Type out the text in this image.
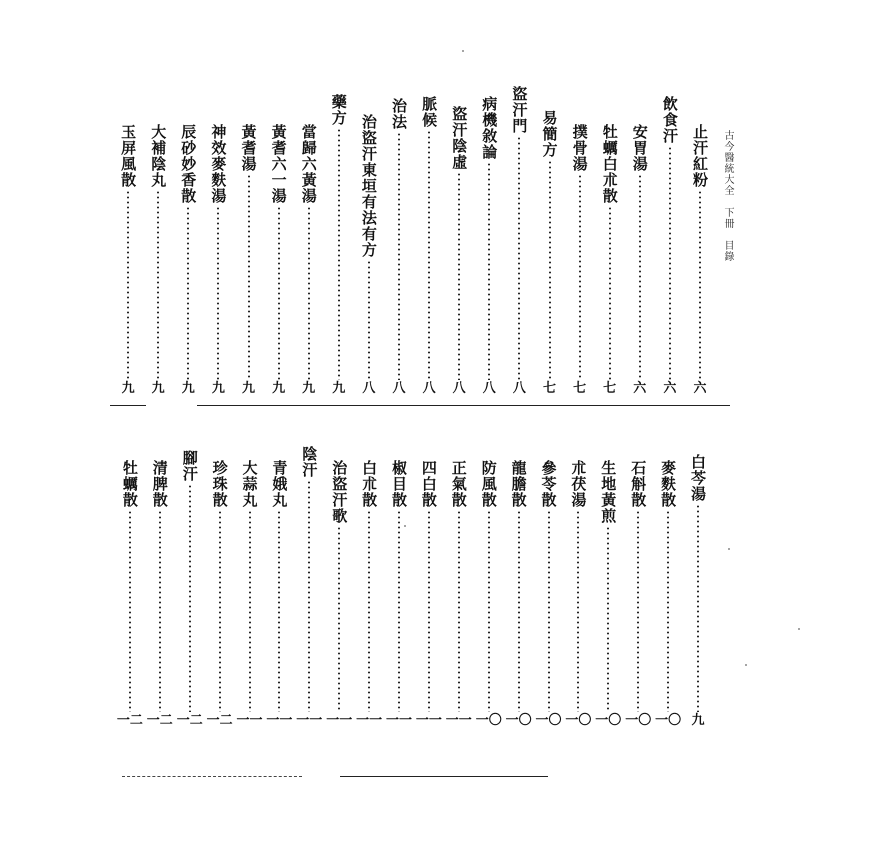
古今醫統大全　下冊　目錄
止汗紅粉
六
飲食汗
六
安胃湯
六
牡蠣白朮散
七
撲骨湯
七
易簡方
七
盜汗門
八
病機敘論
八
盜汗陰虛
八
脈候
八
治法
八
治盜汗東垣有法有方
八
藥方
九
當歸六黃湯
九
黃耆六一湯
九
黃耆湯
九
神效麥麩湯
九
辰砂妙香散
九
大補陰丸
九
玉屏風散
九
白芩湯
九
麥麩散
一〇
石斛散
一〇
生地黃煎
一〇
朮茯湯
一〇
參苓散
一〇
龍膽散
一〇
防風散
一〇
正氣散
一一
四白散
一一
椒目散
一一
白朮散
一一
治盜汗歌
一一
陰汗
一一
青娥丸
一一
大蒜丸
一一
珍珠散
一二
腳汗
一二
清脾散
一二
牡蠣散
一二
